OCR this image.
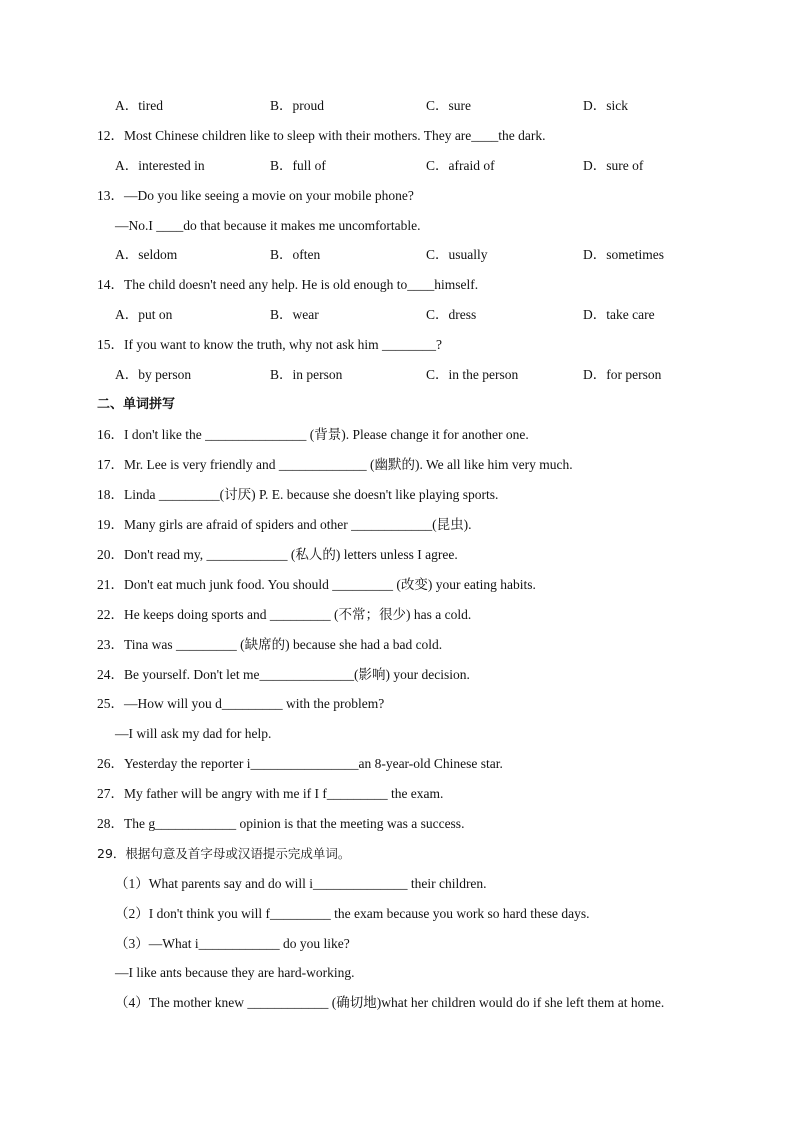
A．tired	B．proud	C．sure	D．sick
12．Most Chinese children like to sleep with their mothers. They are____the dark.
A．interested in	B．full of	C．afraid of	D．sure of
13．—Do you like seeing a movie on your mobile phone?
—No.I ____do that because it makes me uncomfortable.
A．seldom	B．often	C．usually	D．sometimes
14．The child doesn't need any help. He is old enough to____himself.
A．put on	B．wear	C．dress	D．take care
15．If you want to know the truth, why not ask him ________?
A．by person	B．in person	C．in the person	D．for person
二、单词拼写
16．I don't like the _______________ (背景). Please change it for another one.
17．Mr. Lee is very friendly and _____________ (幽默的). We all like him very much.
18．Linda _________(讨厌) P. E. because she doesn't like playing sports.
19．Many girls are afraid of spiders and other ____________(昆虫).
20．Don't read my, ____________ (私人的) letters unless I agree.
21．Don't eat much junk food. You should _________ (改变) your eating habits.
22．He keeps doing sports and _________ (不常；很少) has a cold.
23．Tina was _________ (缺席的) because she had a bad cold.
24．Be yourself. Don't let me______________(影响) your decision.
25．—How will you d_________ with the problem?
—I will ask my dad for help.
26．Yesterday the reporter i________________an 8-year-old Chinese star.
27．My father will be angry with me if I f_________ the exam.
28．The g____________ opinion is that the meeting was a success.
29．根据句意及首字母或汉语提示完成单词。
（1）What parents say and do will i______________ their children.
（2）I don't think you will f_________ the exam because you work so hard these days.
（3）—What i____________ do you like?
—I like ants because they are hard-working.
（4）The mother knew ____________ (确切地)what her children would do if she left them at home.
